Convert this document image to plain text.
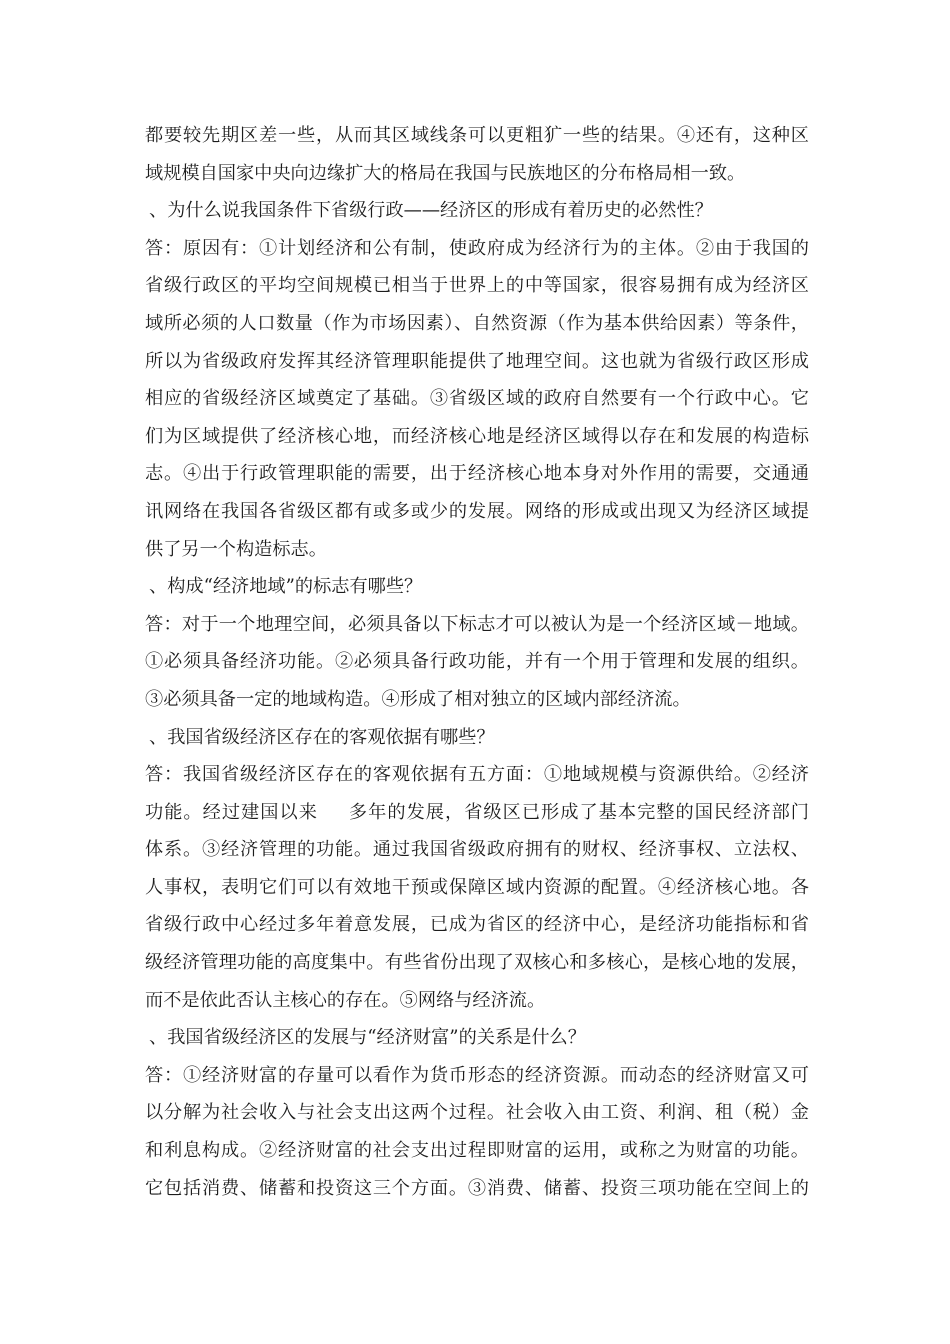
都要较先期区差一些，从而其区域线条可以更粗犷一些的结果。④还有，这种区
域规模自国家中央向边缘扩大的格局在我国与民族地区的分布格局相一致。
、为什么说我国条件下省级行政——经济区的形成有着历史的必然性？
答：原因有：①计划经济和公有制，使政府成为经济行为的主体。②由于我国的
省级行政区的平均空间规模已相当于世界上的中等国家，很容易拥有成为经济区
域所必须的人口数量（作为市场因素）、自然资源（作为基本供给因素）等条件，
所以为省级政府发挥其经济管理职能提供了地理空间。这也就为省级行政区形成
相应的省级经济区域奠定了基础。③省级区域的政府自然要有一个行政中心。它
们为区域提供了经济核心地，而经济核心地是经济区域得以存在和发展的构造标
志。④出于行政管理职能的需要，出于经济核心地本身对外作用的需要，交通通
讯网络在我国各省级区都有或多或少的发展。网络的形成或出现又为经济区域提
供了另一个构造标志。
、构成“经济地域”的标志有哪些？
答：对于一个地理空间，必须具备以下标志才可以被认为是一个经济区域－地域。
①必须具备经济功能。②必须具备行政功能，并有一个用于管理和发展的组织。
③必须具备一定的地域构造。④形成了相对独立的区域内部经济流。
、我国省级经济区存在的客观依据有哪些？
答：我国省级经济区存在的客观依据有五方面：①地域规模与资源供给。②经济
功能。经过建国以来 多年的发展，省级区已形成了基本完整的国民经济部门
体系。③经济管理的功能。通过我国省级政府拥有的财权、经济事权、立法权、
人事权，表明它们可以有效地干预或保障区域内资源的配置。④经济核心地。各
省级行政中心经过多年着意发展，已成为省区的经济中心，是经济功能指标和省
级经济管理功能的高度集中。有些省份出现了双核心和多核心，是核心地的发展，
而不是依此否认主核心的存在。⑤网络与经济流。
、我国省级经济区的发展与“经济财富”的关系是什么？
答：①经济财富的存量可以看作为货币形态的经济资源。而动态的经济财富又可
以分解为社会收入与社会支出这两个过程。社会收入由工资、利润、租（税）金
和利息构成。②经济财富的社会支出过程即财富的运用，或称之为财富的功能。
它包括消费、储蓄和投资这三个方面。③消费、储蓄、投资三项功能在空间上的
